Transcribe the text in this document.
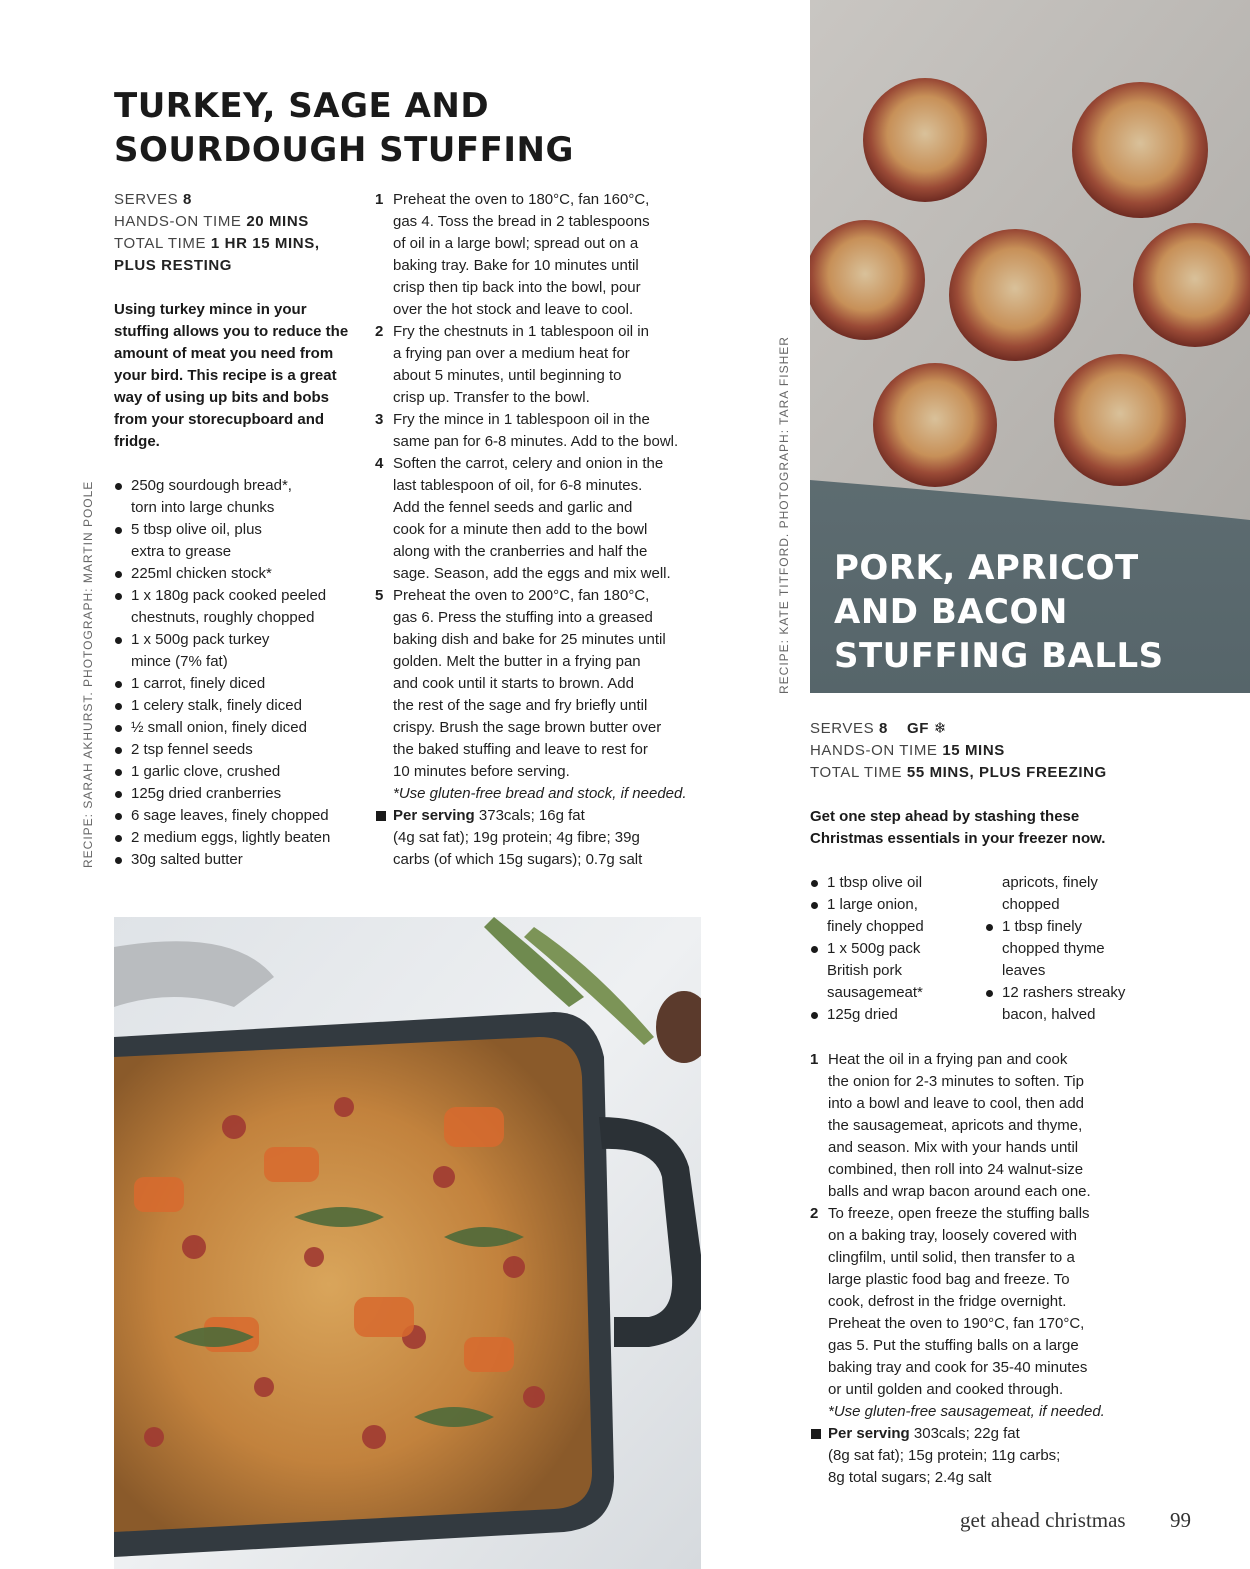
TURKEY, SAGE AND
SOURDOUGH STUFFING
SERVES 8
HANDS-ON TIME 20 MINS
TOTAL TIME 1 HR 15 MINS,
PLUS RESTING
Using turkey mince in your stuffing allows you to reduce the amount of meat you need from your bird. This recipe is a great way of using up bits and bobs from your storecupboard and fridge.
250g sourdough bread*,
torn into large chunks
5 tbsp olive oil, plus
extra to grease
225ml chicken stock*
1 x 180g pack cooked peeled
chestnuts, roughly chopped
1 x 500g pack turkey
mince (7% fat)
1 carrot, finely diced
1 celery stalk, finely diced
½ small onion, finely diced
2 tsp fennel seeds
1 garlic clove, crushed
125g dried cranberries
6 sage leaves, finely chopped
2 medium eggs, lightly beaten
30g salted butter
1 Preheat the oven to 180°C, fan 160°C,
gas 4. Toss the bread in 2 tablespoons
of oil in a large bowl; spread out on a
baking tray. Bake for 10 minutes until
crisp then tip back into the bowl, pour
over the hot stock and leave to cool.
2 Fry the chestnuts in 1 tablespoon oil in
a frying pan over a medium heat for
about 5 minutes, until beginning to
crisp up. Transfer to the bowl.
3 Fry the mince in 1 tablespoon oil in the
same pan for 6-8 minutes. Add to the bowl.
4 Soften the carrot, celery and onion in the
last tablespoon of oil, for 6-8 minutes.
Add the fennel seeds and garlic and
cook for a minute then add to the bowl
along with the cranberries and half the
sage. Season, add the eggs and mix well.
5 Preheat the oven to 200°C, fan 180°C,
gas 6. Press the stuffing into a greased
baking dish and bake for 25 minutes until
golden. Melt the butter in a frying pan
and cook until it starts to brown. Add
the rest of the sage and fry briefly until
crispy. Brush the sage brown butter over
the baked stuffing and leave to rest for
10 minutes before serving.
*Use gluten-free bread and stock, if needed.
Per serving 373cals; 16g fat
(4g sat fat); 19g protein; 4g fibre; 39g
carbs (of which 15g sugars); 0.7g salt
RECIPE: SARAH AKHURST. PHOTOGRAPH: MARTIN POOLE	PORK, APRICOT
AND BACON
STUFFING BALLS
RECIPE: KATE TITFORD. PHOTOGRAPH: TARA FISHER
SERVES 8 GF ❄
HANDS-ON TIME 15 MINS
TOTAL TIME 55 MINS, PLUS FREEZING
Get one step ahead by stashing these Christmas essentials in your freezer now.
1 tbsp olive oil
1 large onion,
finely chopped
1 x 500g pack
British pork
sausagemeat*
125g dried
apricots, finely
chopped
1 tbsp finely
chopped thyme
leaves
12 rashers streaky
bacon, halved
1 Heat the oil in a frying pan and cook
the onion for 2-3 minutes to soften. Tip
into a bowl and leave to cool, then add
the sausagemeat, apricots and thyme,
and season. Mix with your hands until
combined, then roll into 24 walnut-size
balls and wrap bacon around each one.
2 To freeze, open freeze the stuffing balls
on a baking tray, loosely covered with
clingfilm, until solid, then transfer to a
large plastic food bag and freeze. To
cook, defrost in the fridge overnight.
Preheat the oven to 190°C, fan 170°C,
gas 5. Put the stuffing balls on a large
baking tray and cook for 35-40 minutes
or until golden and cooked through.
*Use gluten-free sausagemeat, if needed.
Per serving 303cals; 22g fat
(8g sat fat); 15g protein; 11g carbs;
8g total sugars; 2.4g salt
get ahead christmas 99
